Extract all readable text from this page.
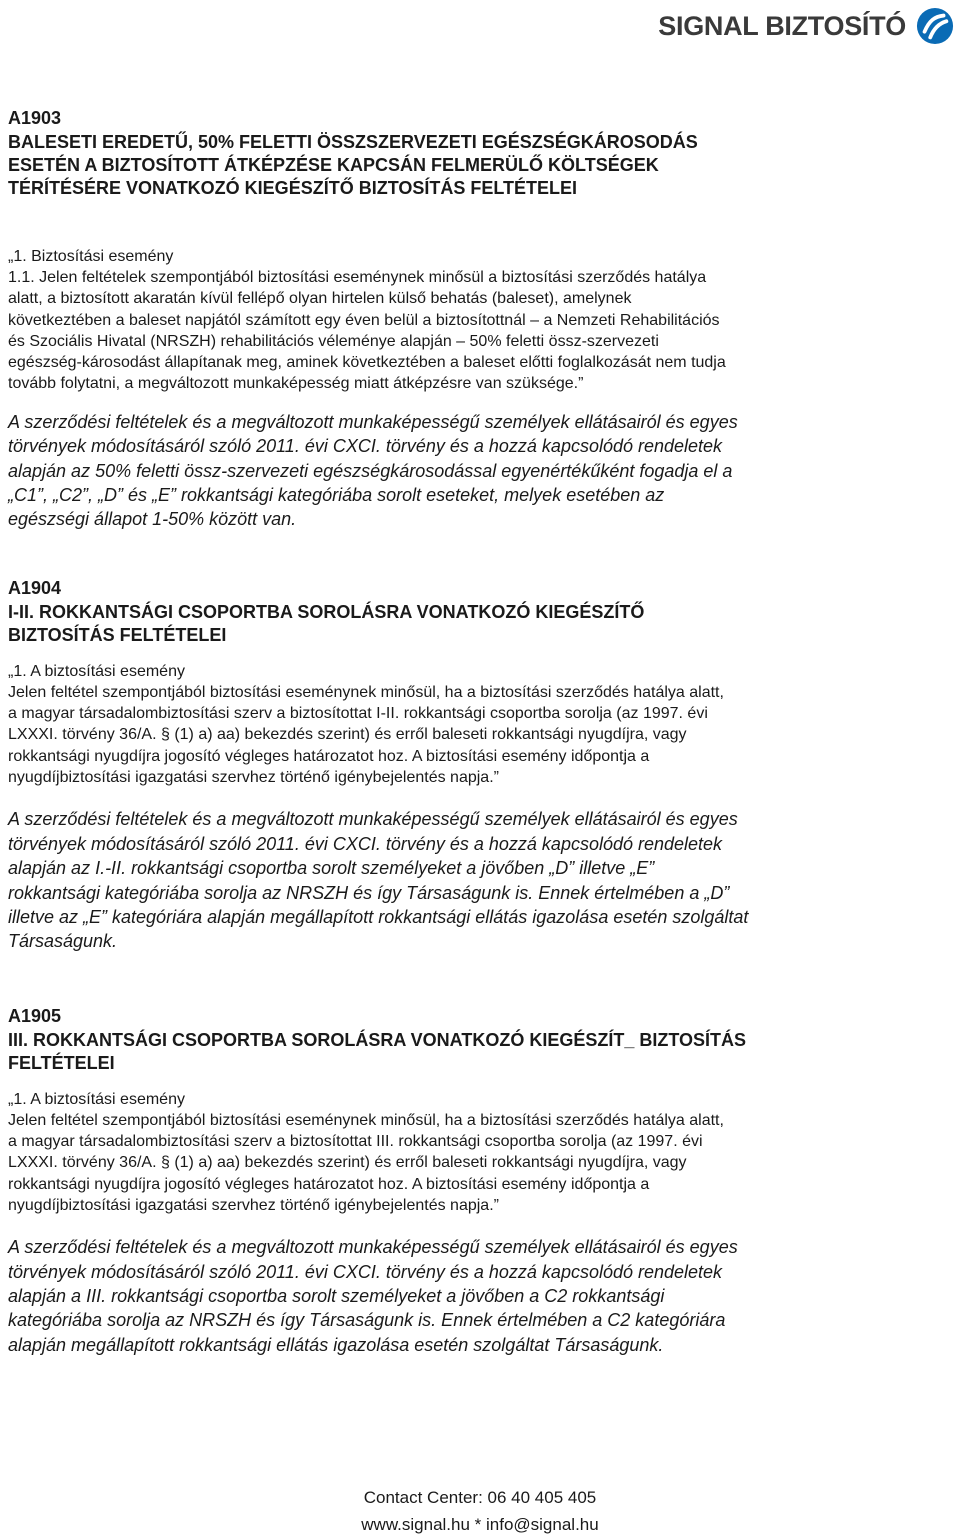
SIGNAL BIZTOSÍTÓ
A1903
BALESETI EREDETŰ, 50% FELETTI ÖSSZSZERVEZETI EGÉSZSÉGKÁROSODÁS
ESETÉN A BIZTOSÍTOTT ÁTKÉPZÉSE KAPCSÁN FELMERÜLŐ KÖLTSÉGEK
TÉRÍTÉSÉRE VONATKOZÓ KIEGÉSZÍTŐ BIZTOSÍTÁS FELTÉTELEI
„1. Biztosítási esemény

1.1. Jelen feltételek szempontjából biztosítási eseménynek minősül a biztosítási szerződés hatálya

alatt, a biztosított akaratán kívül fellépő olyan hirtelen külső behatás (baleset), amelynek

következtében a baleset napjától számított egy éven belül a biztosítottnál – a Nemzeti Rehabilitációs

és Szociális Hivatal (NRSZH) rehabilitációs véleménye alapján – 50% feletti össz-szervezeti

egészség-károsodást állapítanak meg, aminek következtében a baleset előtti foglalkozását nem tudja

tovább folytatni, a megváltozott munkaképesség miatt átképzésre van szüksége.”

A szerződési feltételek és a megváltozott munkaképességű személyek ellátásairól és egyes

törvények módosításáról szóló 2011. évi CXCI. törvény és a hozzá kapcsolódó rendeletek

alapján az 50% feletti össz-szervezeti egészségkárosodással egyenértékűként fogadja el a

„C1”, „C2”, „D” és „E” rokkantsági kategóriába sorolt eseteket, melyek esetében az

egészségi állapot 1-50% között van.

A1904
I-II. ROKKANTSÁGI CSOPORTBA SOROLÁSRA VONATKOZÓ KIEGÉSZÍTŐ
BIZTOSÍTÁS FELTÉTELEI
„1. A biztosítási esemény

Jelen feltétel szempontjából biztosítási eseménynek minősül, ha a biztosítási szerződés hatálya alatt,

a magyar társadalombiztosítási szerv a biztosítottat I-II. rokkantsági csoportba sorolja (az 1997. évi

LXXXI. törvény 36/A. § (1) a) aa) bekezdés szerint) és erről baleseti rokkantsági nyugdíjra, vagy

rokkantsági nyugdíjra jogosító végleges határozatot hoz. A biztosítási esemény időpontja a

nyugdíjbiztosítási igazgatási szervhez történő igénybejelentés napja.”

A szerződési feltételek és a megváltozott munkaképességű személyek ellátásairól és egyes

törvények módosításáról szóló 2011. évi CXCI. törvény és a hozzá kapcsolódó rendeletek

alapján az I.-II. rokkantsági csoportba sorolt személyeket a jövőben „D” illetve „E”

rokkantsági kategóriába sorolja az NRSZH és így Társaságunk is. Ennek értelmében a „D”

illetve az „E” kategóriára alapján megállapított rokkantsági ellátás igazolása esetén szolgáltat

Társaságunk.

A1905
III. ROKKANTSÁGI CSOPORTBA SOROLÁSRA VONATKOZÓ KIEGÉSZÍT_ BIZTOSÍTÁS
FELTÉTELEI
„1. A biztosítási esemény

Jelen feltétel szempontjából biztosítási eseménynek minősül, ha a biztosítási szerződés hatálya alatt,

a magyar társadalombiztosítási szerv a biztosítottat III. rokkantsági csoportba sorolja (az 1997. évi

LXXXI. törvény 36/A. § (1) a) aa) bekezdés szerint) és erről baleseti rokkantsági nyugdíjra, vagy

rokkantsági nyugdíjra jogosító végleges határozatot hoz. A biztosítási esemény időpontja a

nyugdíjbiztosítási igazgatási szervhez történő igénybejelentés napja.”

A szerződési feltételek és a megváltozott munkaképességű személyek ellátásairól és egyes

törvények módosításáról szóló 2011. évi CXCI. törvény és a hozzá kapcsolódó rendeletek

alapján a III. rokkantsági csoportba sorolt személyeket a jövőben a C2 rokkantsági

kategóriába sorolja az NRSZH és így Társaságunk is. Ennek értelmében a C2 kategóriára

alapján megállapított rokkantsági ellátás igazolása esetén szolgáltat Társaságunk.

Contact Center: 06 40 405 405
www.signal.hu * info@signal.hu
